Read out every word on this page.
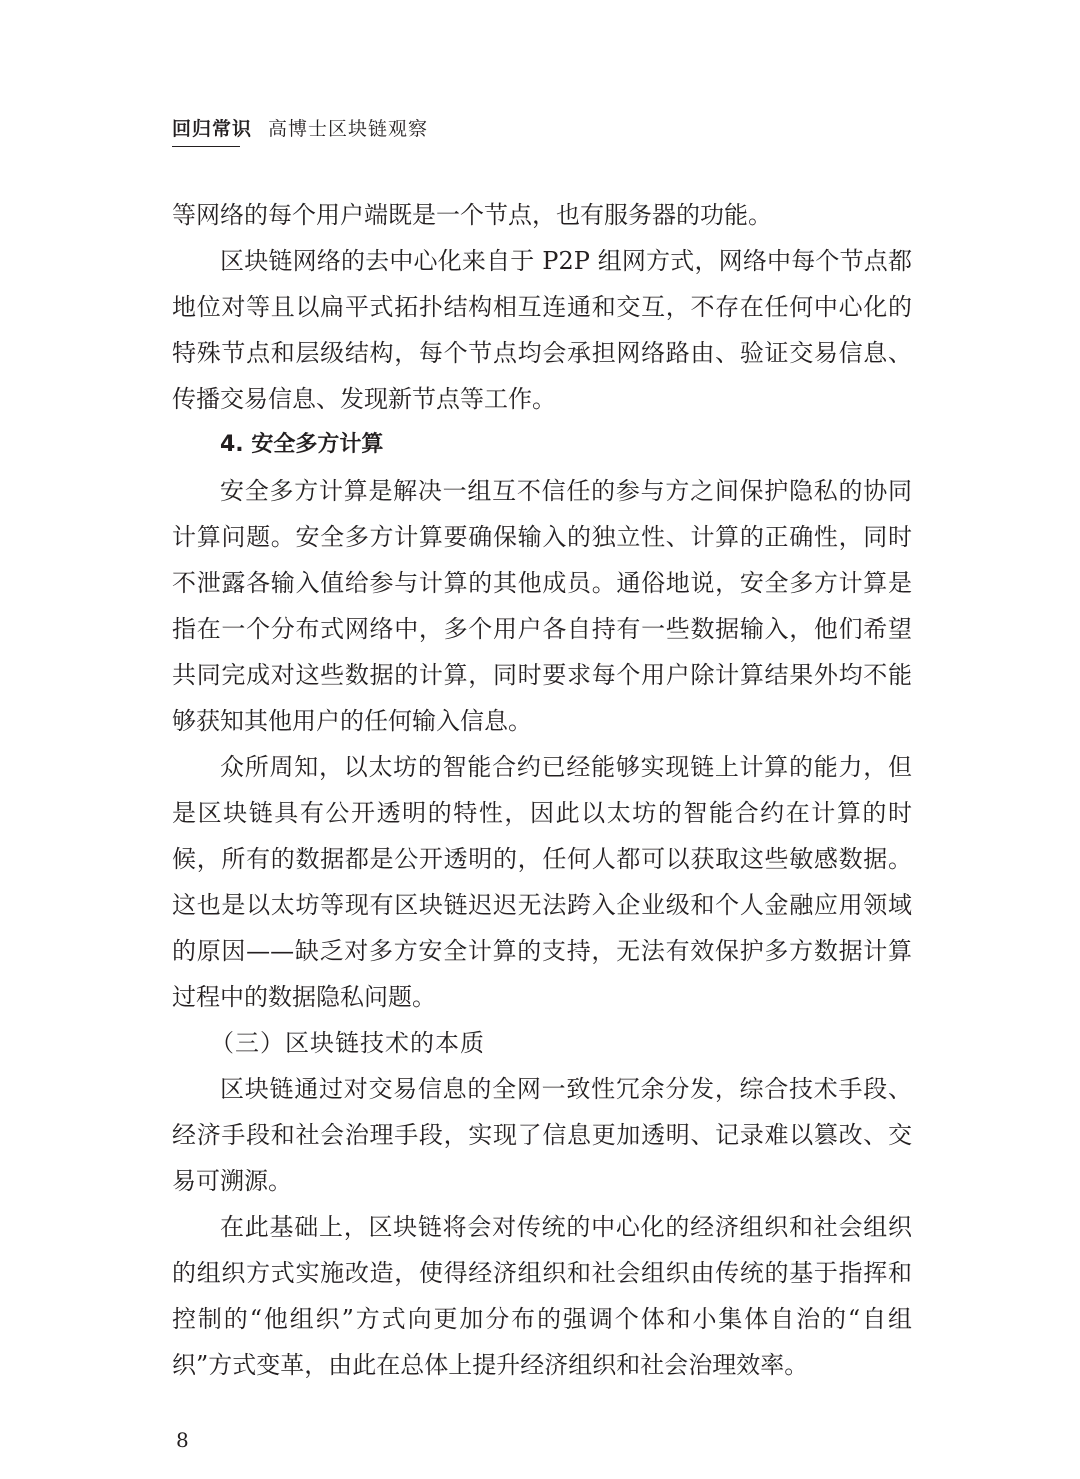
回归常识 高博士区块链观察

等网络的每个用户端既是一个节点，也有服务器的功能。

区块链网络的去中心化来自于 P2P 组网方式，网络中每个节点都地位对等且以扁平式拓扑结构相互连通和交互，不存在任何中心化的特殊节点和层级结构，每个节点均会承担网络路由、验证交易信息、传播交易信息、发现新节点等工作。

4. 安全多方计算

安全多方计算是解决一组互不信任的参与方之间保护隐私的协同计算问题。安全多方计算要确保输入的独立性、计算的正确性，同时不泄露各输入值给参与计算的其他成员。通俗地说，安全多方计算是指在一个分布式网络中，多个用户各自持有一些数据输入，他们希望共同完成对这些数据的计算，同时要求每个用户除计算结果外均不能够获知其他用户的任何输入信息。

众所周知，以太坊的智能合约已经能够实现链上计算的能力，但是区块链具有公开透明的特性，因此以太坊的智能合约在计算的时候，所有的数据都是公开透明的，任何人都可以获取这些敏感数据。这也是以太坊等现有区块链迟迟无法跨入企业级和个人金融应用领域的原因——缺乏对多方安全计算的支持，无法有效保护多方数据计算过程中的数据隐私问题。

（三）区块链技术的本质

区块链通过对交易信息的全网一致性冗余分发，综合技术手段、经济手段和社会治理手段，实现了信息更加透明、记录难以篡改、交易可溯源。

在此基础上，区块链将会对传统的中心化的经济组织和社会组织的组织方式实施改造，使得经济组织和社会组织由传统的基于指挥和控制的“他组织”方式向更加分布的强调个体和小集体自治的“自组织”方式变革，由此在总体上提升经济组织和社会治理效率。

8
